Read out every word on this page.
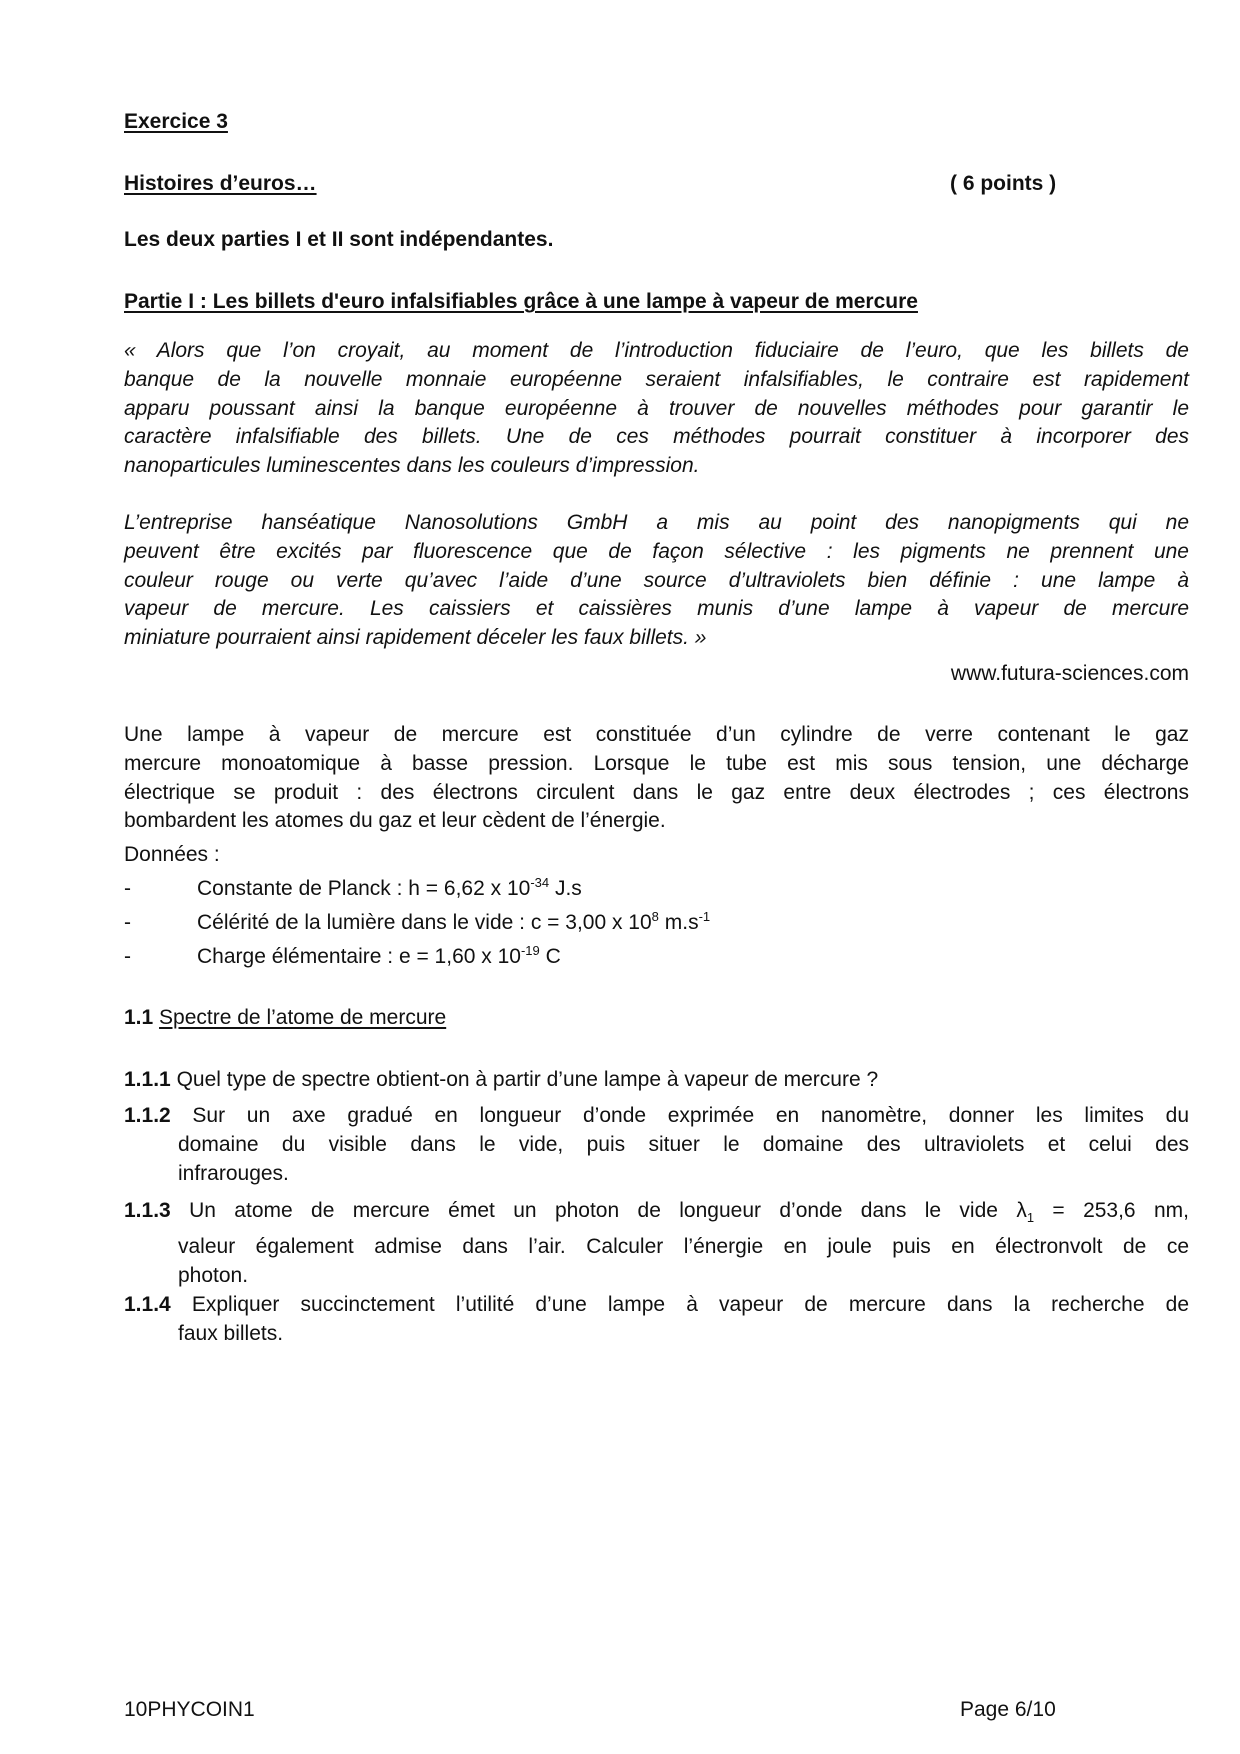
Exercice 3
Histoires d’euros…	( 6 points )
Les deux parties I et II sont indépendantes.
Partie I : Les billets d'euro infalsifiables grâce à une lampe à vapeur de mercure
« Alors que l’on croyait, au moment de l’introduction fiduciaire de l’euro, que les billets de
banque de la nouvelle monnaie européenne seraient infalsifiables, le contraire est rapidement
apparu poussant ainsi la banque européenne à trouver de nouvelles méthodes pour garantir le
caractère infalsifiable des billets. Une de ces méthodes pourrait constituer à incorporer des
nanoparticules luminescentes dans les couleurs d’impression.
L’entreprise hanséatique Nanosolutions GmbH a mis au point des nanopigments qui ne
peuvent être excités par fluorescence que de façon sélective : les pigments ne prennent une
couleur rouge ou verte qu’avec l’aide d’une source d’ultraviolets bien définie : une lampe à
vapeur de mercure. Les caissiers et caissières munis d’une lampe à vapeur de mercure
miniature pourraient ainsi rapidement déceler les faux billets. »
www.futura-sciences.com
Une lampe à vapeur de mercure est constituée d’un cylindre de verre contenant le gaz
mercure monoatomique à basse pression. Lorsque le tube est mis sous tension, une décharge
électrique se produit : des électrons circulent dans le gaz entre deux électrodes ; ces électrons
bombardent les atomes du gaz et leur cèdent de l’énergie.
Données :
-	Constante de Planck : h = 6,62 x $10^{-34}$ J.s
-	Célérité de la lumière dans le vide : c = 3,00 x $10^8$ $m.s^{-1}$
-	Charge élémentaire : e = 1,60 x $10^{-19}$ C
1.1 Spectre de l’atome de mercure
1.1.1 Quel type de spectre obtient-on à partir d’une lampe à vapeur de mercure ?
1.1.2 Sur un axe gradué en longueur d’onde exprimée en nanomètre, donner les limites du
domaine du visible dans le vide, puis situer le domaine des ultraviolets et celui des
infrarouges.
1.1.3 Un atome de mercure émet un photon de longueur d’onde dans le vide $\lambda_1 = 253,6$ nm,
valeur également admise dans l’air. Calculer l’énergie en joule puis en électronvolt de ce
photon.
1.1.4 Expliquer succinctement l’utilité d’une lampe à vapeur de mercure dans la recherche de
faux billets.
10PHYCOIN1	Page 6/10
